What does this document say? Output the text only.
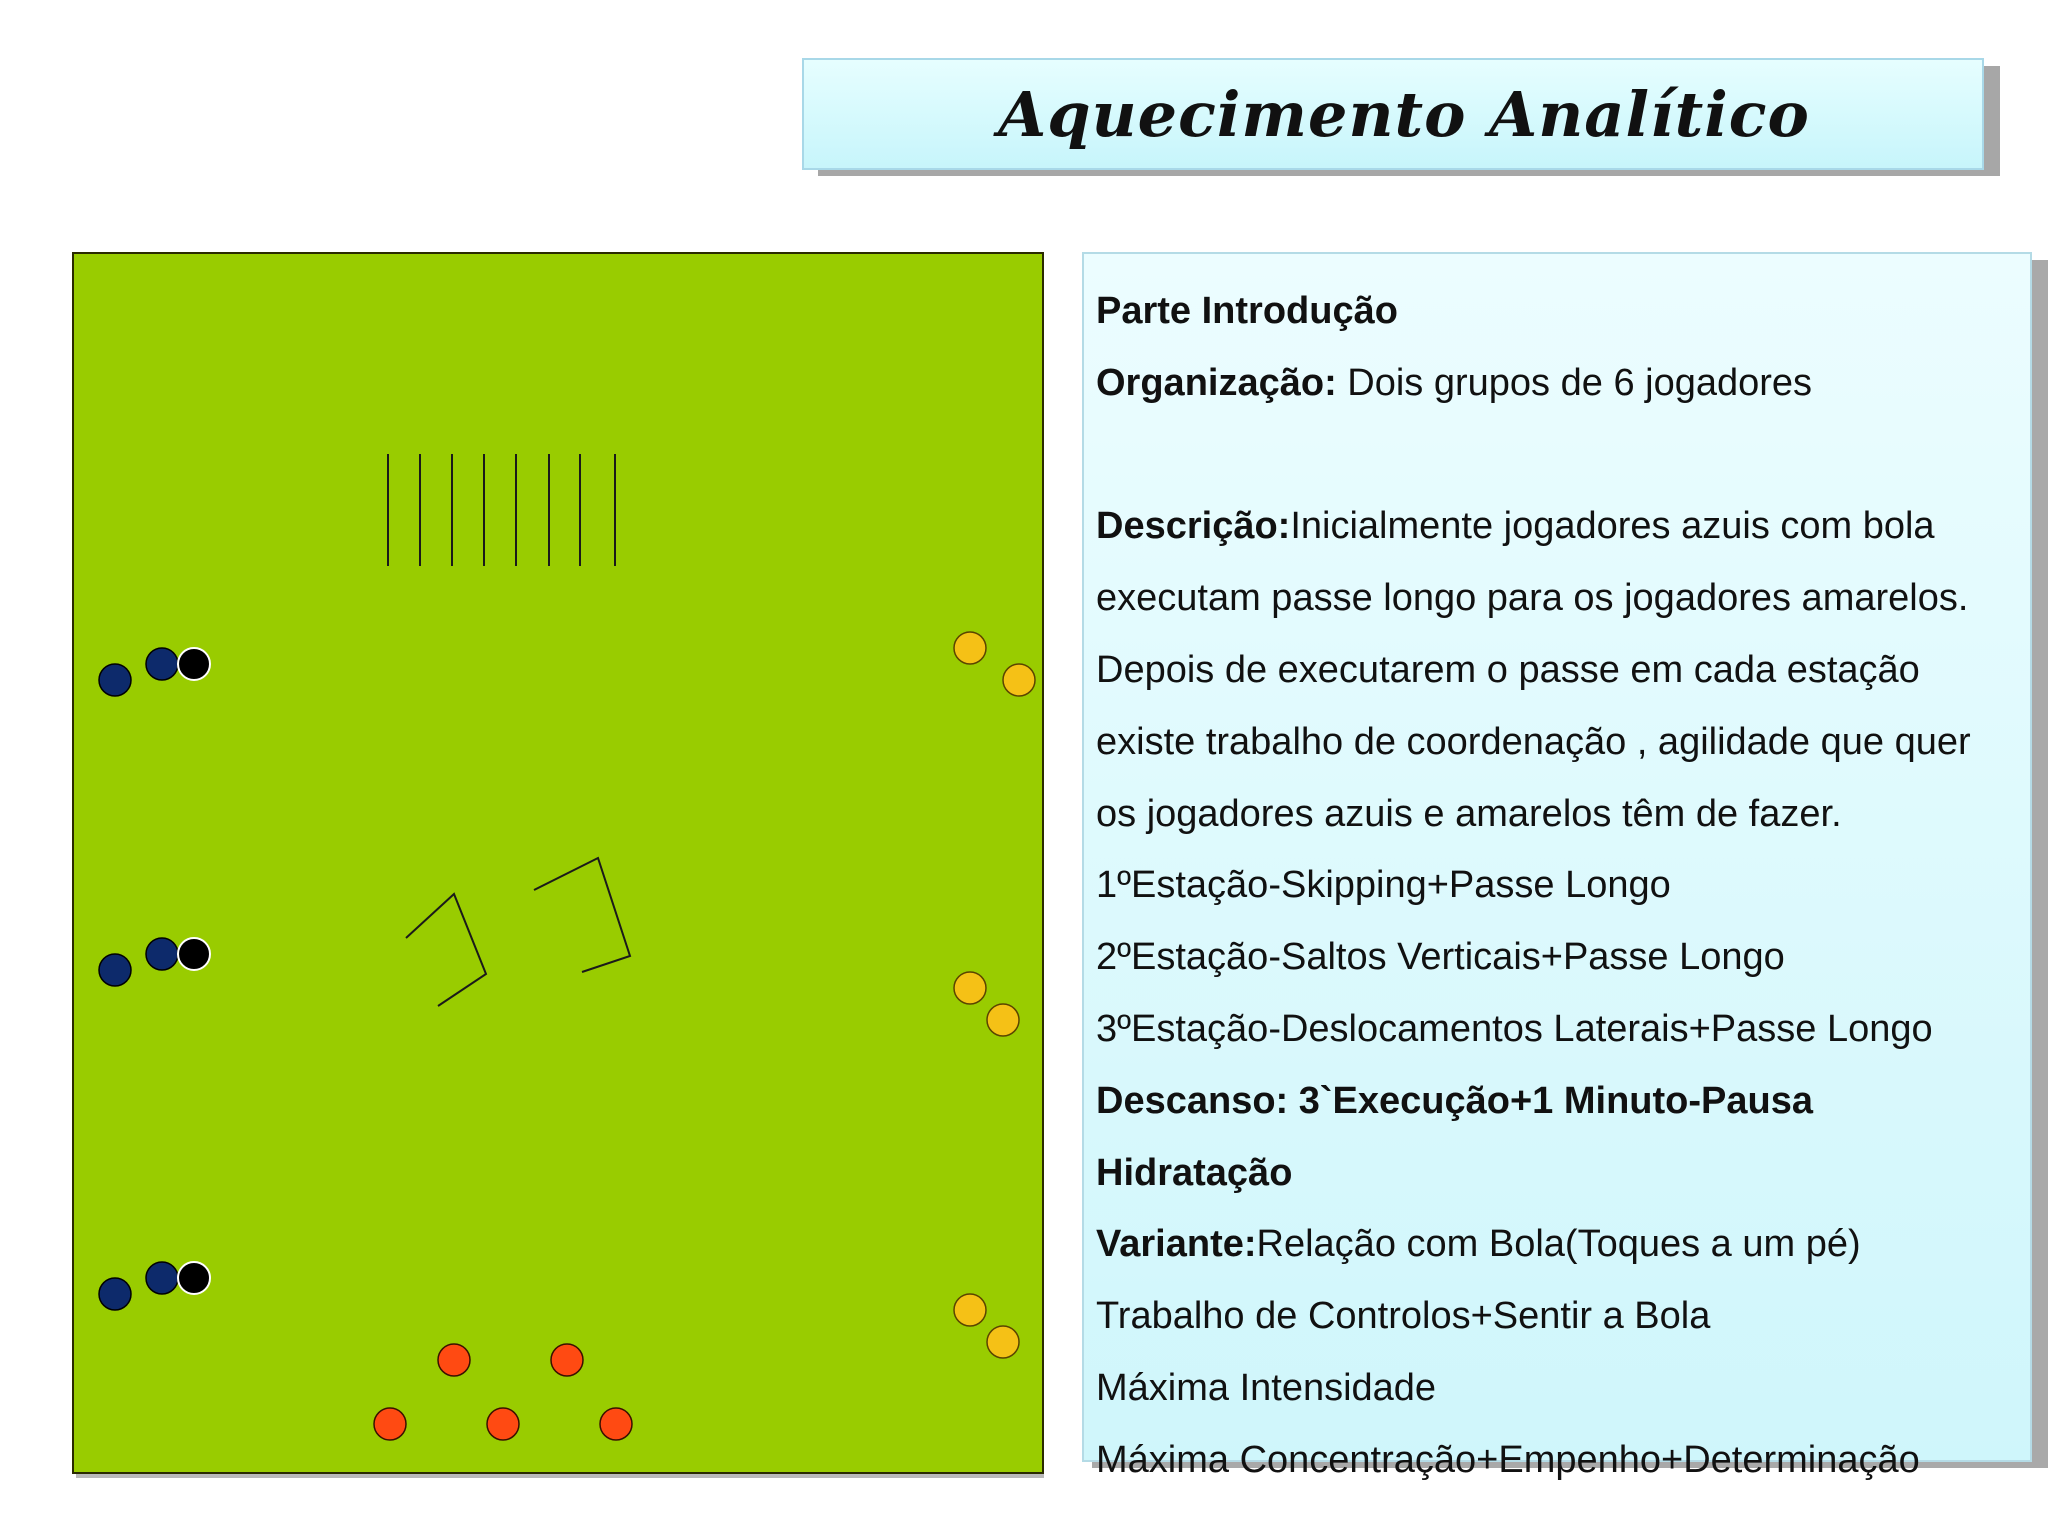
Aquecimento Analítico
Parte Introdução
Organização: Dois grupos de 6 jogadores
Descrição:Inicialmente jogadores azuis com bola
executam passe longo para os jogadores amarelos.
Depois de executarem o passe em cada estação
existe trabalho de coordenação , agilidade que quer
os jogadores azuis e amarelos têm de fazer.
1ºEstação-Skipping+Passe Longo
2ºEstação-Saltos Verticais+Passe Longo
3ºEstação-Deslocamentos Laterais+Passe Longo
Descanso: 3`Execução+1 Minuto-Pausa
Hidratação
Variante:Relação com Bola(Toques a um pé)
Trabalho de Controlos+Sentir a Bola
Máxima Intensidade
Máxima Concentração+Empenho+Determinação
